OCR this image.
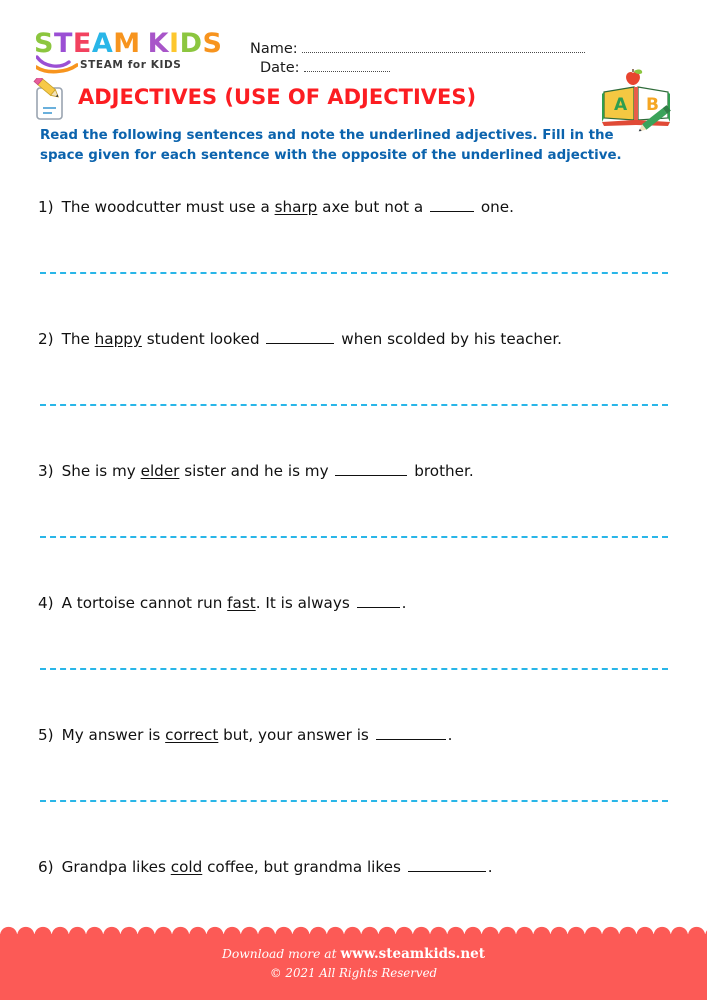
STEAM KIDS
STEAM for KIDS
Name: Date:
ADJECTIVES (USE OF ADJECTIVES)	A B
Read the following sentences and note the underlined adjectives. Fill in the
space given for each sentence with the opposite of the underlined adjective.
1) The woodcutter must use a sharp axe but not a	one.
2) The happy student looked	when scolded by his teacher.
3) She is my elder sister and he is my	brother.
4) A tortoise cannot run fast. It is always	.
5) My answer is correct but, your answer is	.
6) Grandpa likes cold coffee, but grandma likes	.
Download more at www.steamkids.net
© 2021 All Rights Reserved
